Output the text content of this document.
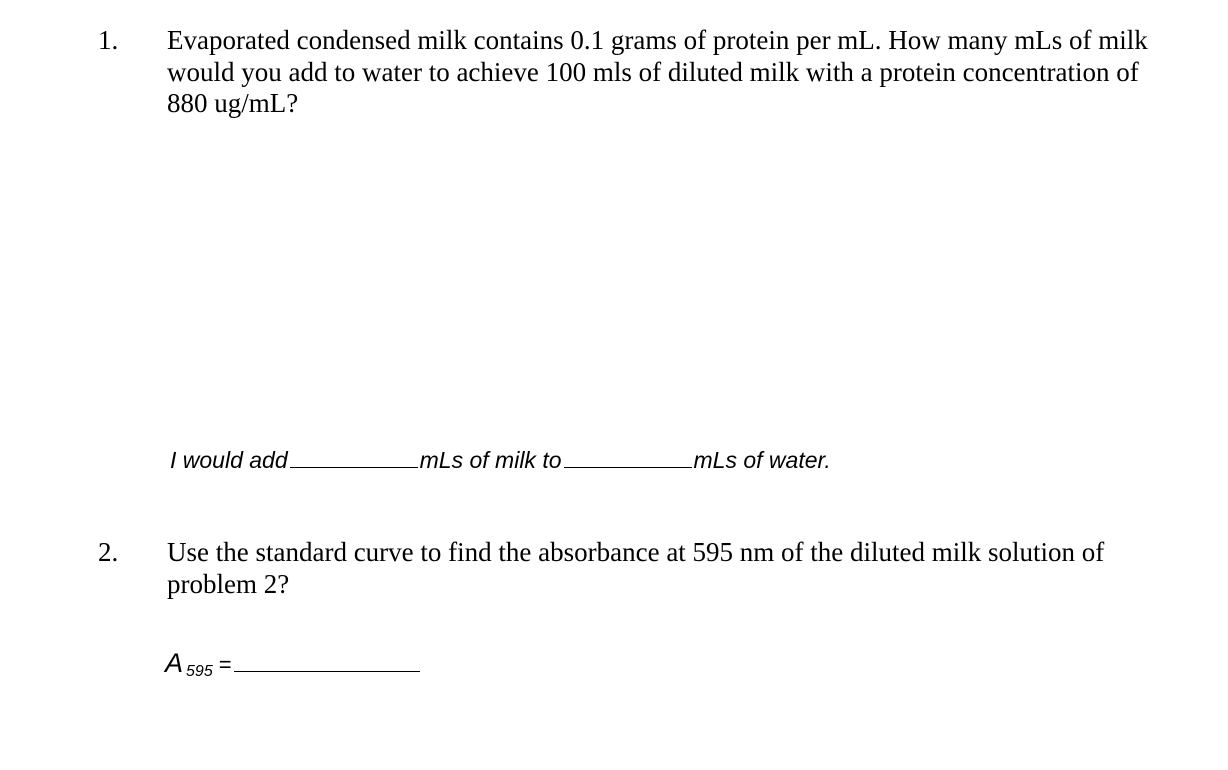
1. Evaporated condensed milk contains 0.1 grams of protein per mL. How many mLs of milk would you add to water to achieve 100 mls of diluted milk with a protein concentration of 880 ug/mL?

I would add	mLs of milk to	mLs of water.
2. Use the standard curve to find the absorbance at 595 nm of the diluted milk solution of problem 2?

A 595 =
